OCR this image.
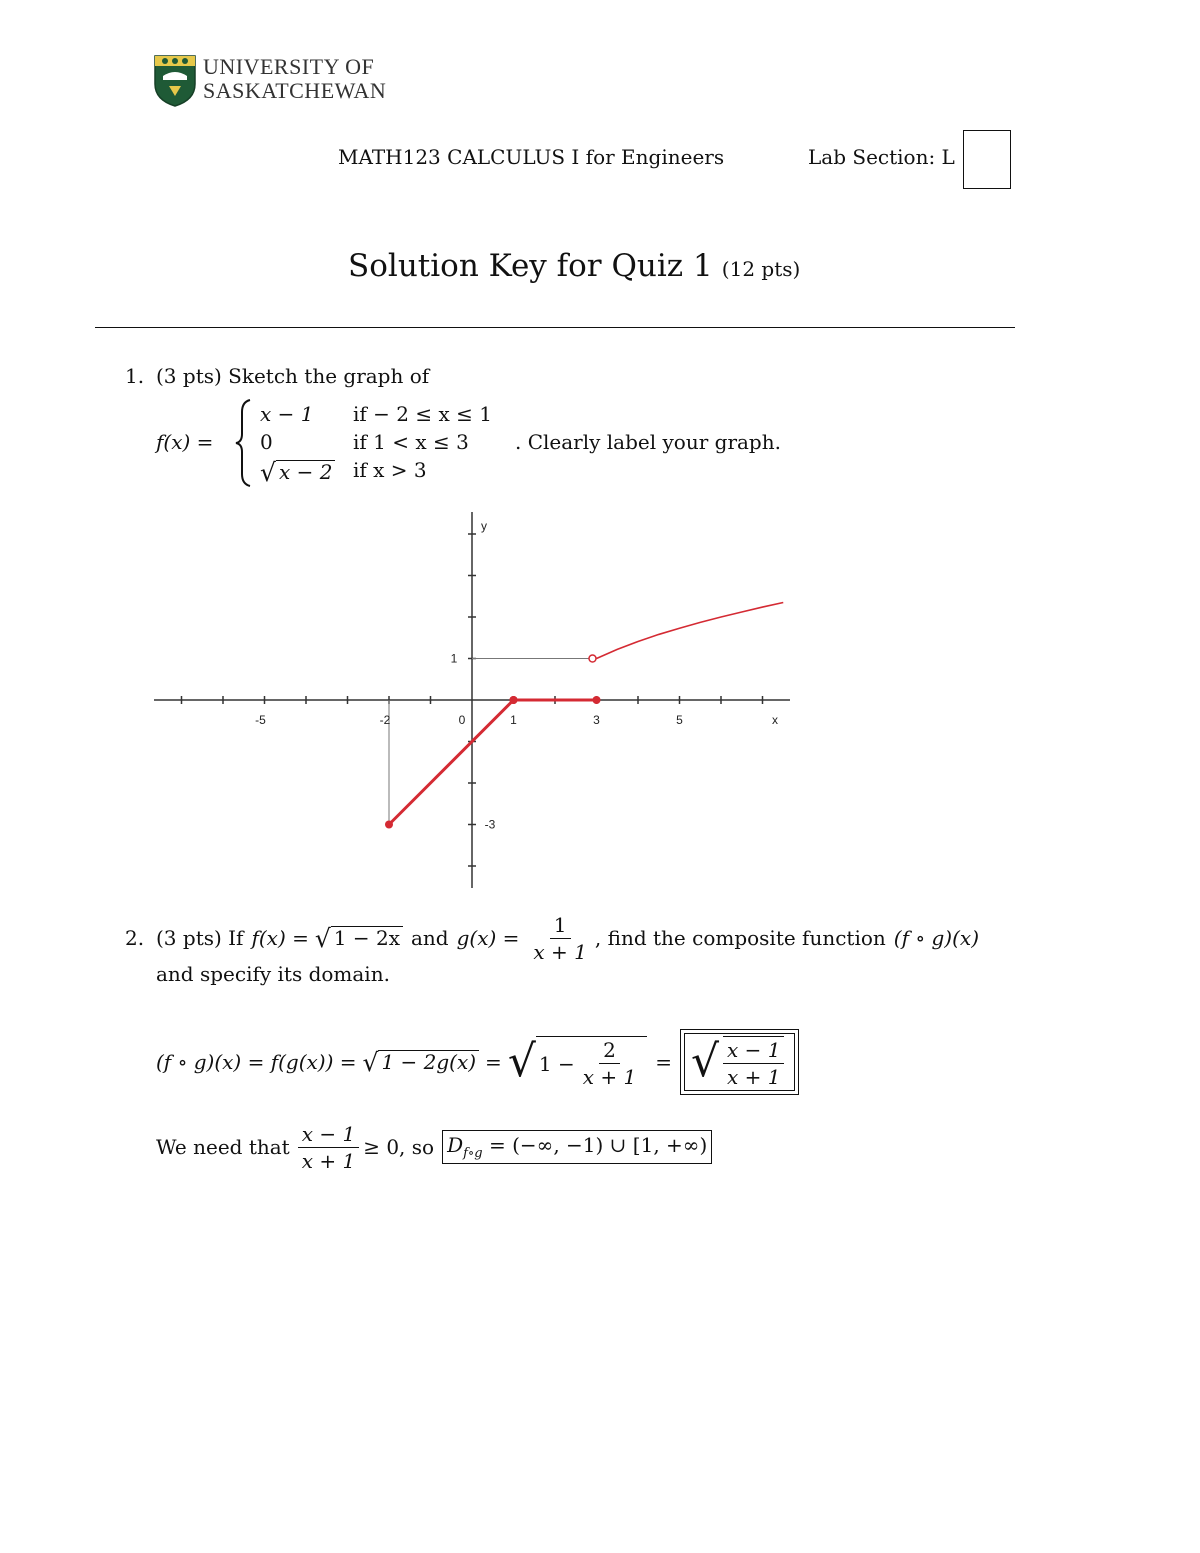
UNIVERSITY OF
SASKATCHEWAN
MATH123 CALCULUS I for Engineers	Lab Section: L
Solution Key for Quiz 1 (12 pts)
1. (3 pts) Sketch the graph of
f(x) =
x − 1 if − 2 ≤ x ≤ 1
0	if 1 < x ≤ 3
√ x − 2 if x > 3
. Clearly label your graph.
-5	-2	0	1	3	5
1
-3
x
y
2. (3 pts) If f(x) = √ 1 − 2x and $g(x) = \frac{1}{x + 1}$ , find the composite function (f ∘ g)(x)
and specify its domain.
(f ∘ g)(x) = f(g(x)) = √ 1 − 2g(x) = √ $1 - \frac{2}{x + 1}$ = √ $\frac{x - 1}{x + 1}$
We need that $\frac{x - 1}{x + 1} \ge 0$, so $D_{f\circ g}$ = (−∞, −1) ∪ [1, +∞)
